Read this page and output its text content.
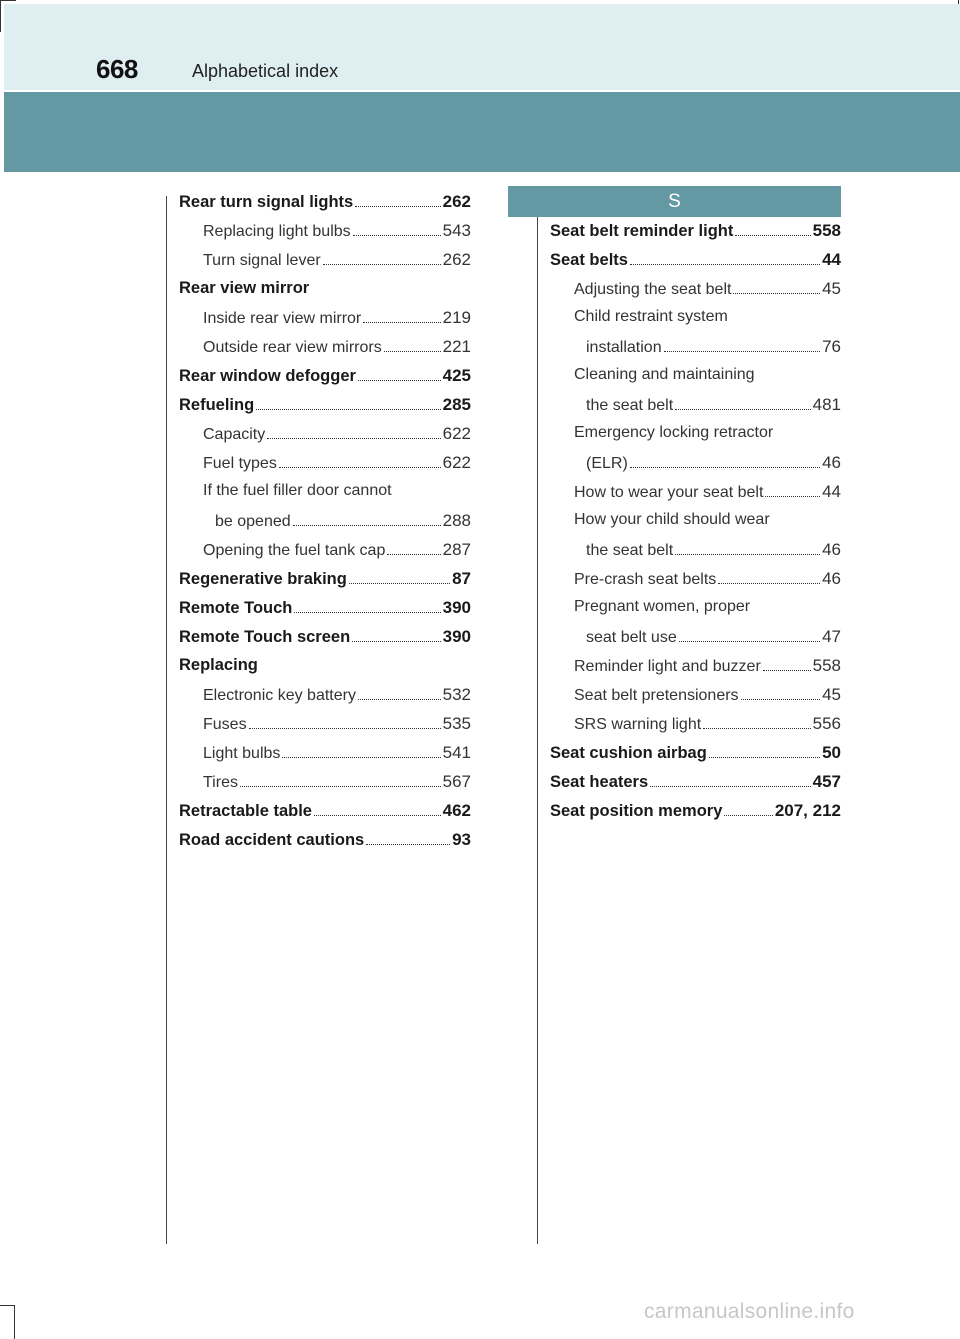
668	Alphabetical index
Rear turn signal lights	262
Replacing light bulbs	543
Turn signal lever	262
Rear view mirror
Inside rear view mirror	219
Outside rear view mirrors	221
Rear window defogger	425
Refueling	285
Capacity	622
Fuel types	622
If the fuel filler door cannot
be opened	288
Opening the fuel tank cap	287
Regenerative braking	87
Remote Touch	390
Remote Touch screen	390
Replacing
Electronic key battery	532
Fuses	535
Light bulbs	541
Tires	567
Retractable table	462
Road accident cautions	93
S
Seat belt reminder light	558
Seat belts	44
Adjusting the seat belt	45
Child restraint system
installation	76
Cleaning and maintaining
the seat belt	481
Emergency locking retractor
(ELR)	46
How to wear your seat belt	44
How your child should wear
the seat belt	46
Pre-crash seat belts	46
Pregnant women, proper
seat belt use	47
Reminder light and buzzer	558
Seat belt pretensioners	45
SRS warning light	556
Seat cushion airbag	50
Seat heaters	457
Seat position memory	207, 212
carmanualsonline.info
